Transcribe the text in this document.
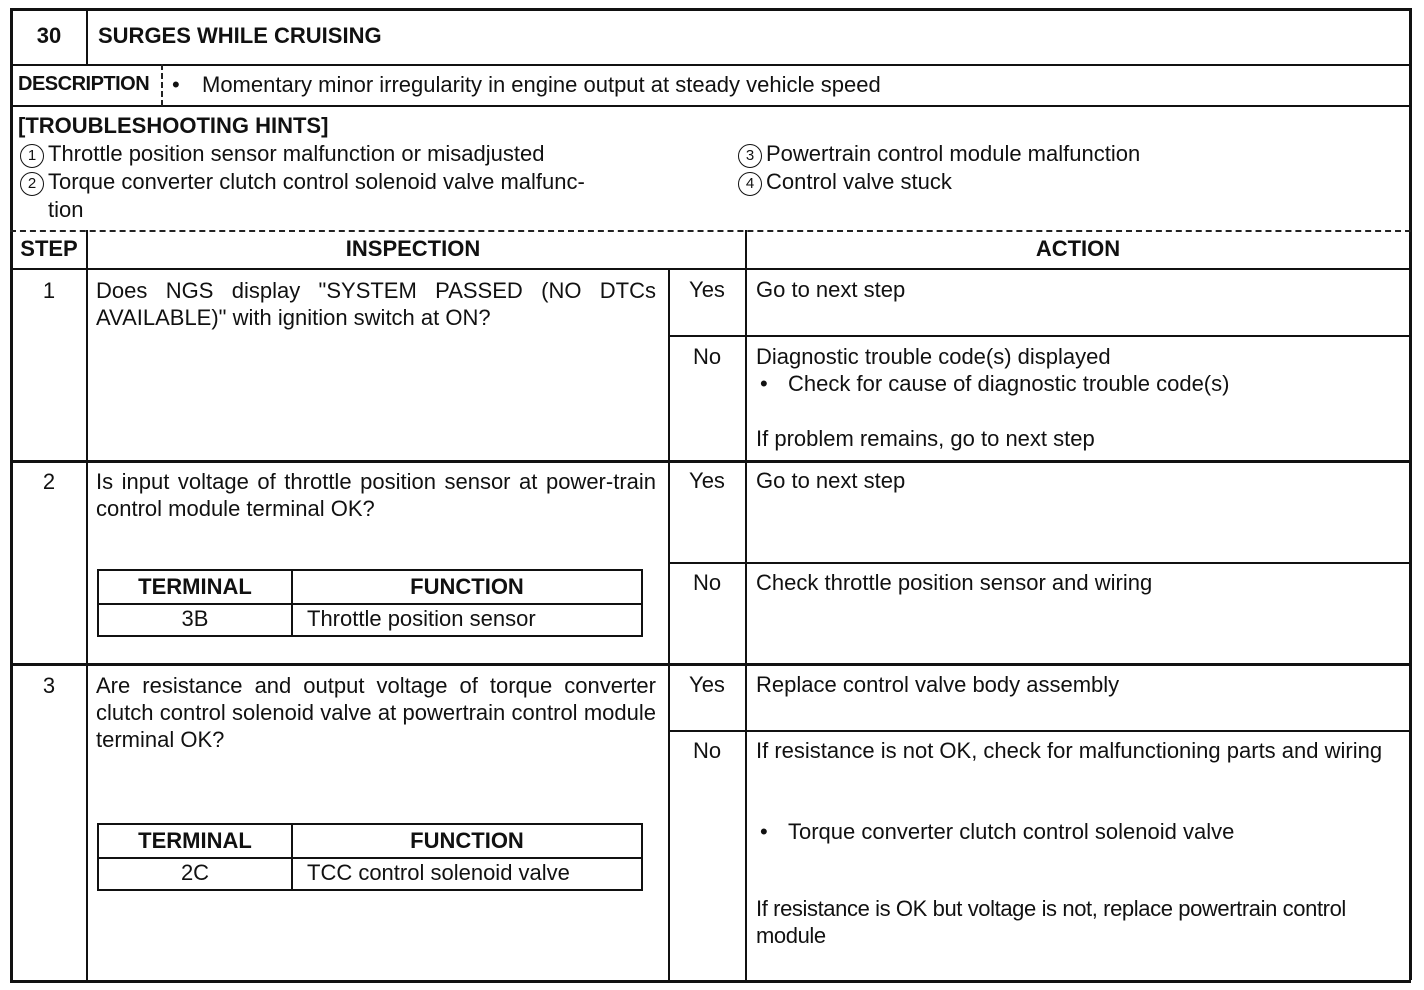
30	SURGES WHILE CRUISING
DESCRIPTION • Momentary minor irregularity in engine output at steady vehicle speed
[TROUBLESHOOTING HINTS]
1 Throttle position sensor malfunction or misadjusted
2 Torque converter clutch control solenoid valve malfunc-
tion
3 Powertrain control module malfunction
4 Control valve stuck
STEP	INSPECTION	ACTION
1	Does NGS display "SYSTEM PASSED (NO DTCs AVAILABLE)" with ignition switch at ON?
Yes	Go to next step
No	Diagnostic trouble code(s) displayed
• Check for cause of diagnostic trouble code(s)
If problem remains, go to next step
2	Is input voltage of throttle position sensor at power-train control module terminal OK?
TERMINAL	FUNCTION
3B	Throttle position sensor
Yes	Go to next step
No	Check throttle position sensor and wiring
3	Are resistance and output voltage of torque converter clutch control solenoid valve at powertrain control module terminal OK?
TERMINAL	FUNCTION
2C	TCC control solenoid valve
Yes	Replace control valve body assembly
No	If resistance is not OK, check for malfunctioning parts and wiring
• Torque converter clutch control solenoid valve
If resistance is OK but voltage is not, replace powertrain control module
